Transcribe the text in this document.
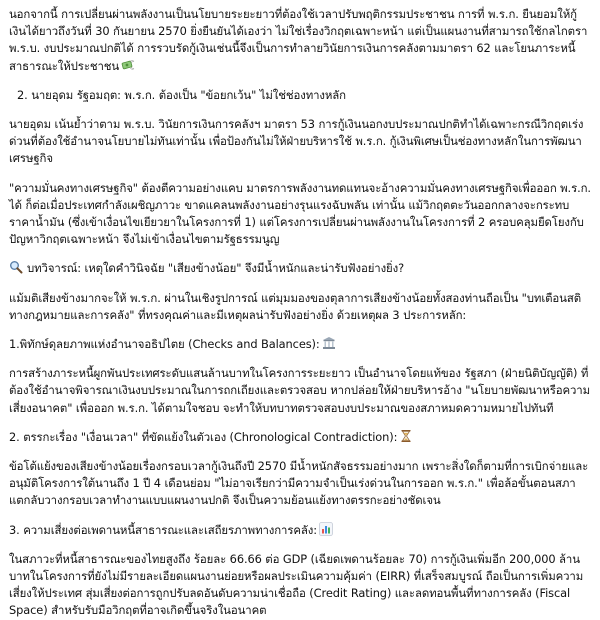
นอกจากนี้ การเปลี่ยนผ่านพลังงานเป็นนโยบายระยะยาวที่ต้องใช้เวลาปรับพฤติกรรมประชาชน การที่ พ.ร.ก. ยืนยอมให้กู้เงินได้ยาวถึงวันที่ 30 กันยายน 2570 ยิ่งยืนยันได้เองว่า ไม่ใช่เรื่องวิกฤตเฉพาะหน้า แต่เป็นแผนงานที่สามารถใช้กลไกตรา พ.ร.บ. งบประมาณปกติได้ การรวบรัดกู้เงินเช่นนี้จึงเป็นการทำลายวินัยการเงินการคลังตามมาตรา 62 และโยนภาระหนี้สาธารณะให้ประชาชน

2. นายอุดม รัฐอมฤต: พ.ร.ก. ต้องเป็น "ข้อยกเว้น" ไม่ใช่ช่องทางหลัก

นายอุดม เน้นย้ำว่าตาม พ.ร.บ. วินัยการเงินการคลังฯ มาตรา 53 การกู้เงินนอกงบประมาณปกติทำได้เฉพาะกรณีวิกฤตเร่งด่วนที่ต้องใช้อำนาจนโยบายไม่ทันเท่านั้น เพื่อป้องกันไม่ให้ฝ่ายบริหารใช้ พ.ร.ก. กู้เงินพิเศษเป็นช่องทางหลักในการพัฒนาเศรษฐกิจ

"ความมั่นคงทางเศรษฐกิจ" ต้องตีความอย่างแคบ มาตรการพลังงานทดแทนจะอ้างความมั่นคงทางเศรษฐกิจเพื่อออก พ.ร.ก. ได้ ก็ต่อเมื่อประเทศกำลังเผชิญภาวะ ขาดแคลนพลังงานอย่างรุนแรงฉับพลัน เท่านั้น แม้วิกฤตตะวันออกกลางจะกระทบราคาน้ำมัน (ซึ่งเข้าเงื่อนไขเยียวยาในโครงการที่ 1) แต่โครงการเปลี่ยนผ่านพลังงานในโครงการที่ 2 ครอบคลุมยืดโยงกับปัญหาวิกฤตเฉพาะหน้า จึงไม่เข้าเงื่อนไขตามรัฐธรรมนูญ

บทวิจารณ์: เหตุใดคำวินิจฉัย "เสียงข้างน้อย" จึงมีน้ำหนักและน่ารับฟังอย่างยิ่ง?

แม้มติเสียงข้างมากจะให้ พ.ร.ก. ผ่านในเชิงรูปการณ์ แต่มุมมองของตุลาการเสียงข้างน้อยทั้งสองท่านถือเป็น "บทเตือนสติทางกฎหมายและการคลัง" ที่ทรงคุณค่าและมีเหตุผลน่ารับฟังอย่างยิ่ง ด้วยเหตุผล 3 ประการหลัก:

1.พิทักษ์ดุลยภาพแห่งอำนาจอธิปไตย (Checks and Balances):

การสร้างภาระหนี้ผูกพันประเทศระดับแสนล้านบาทในโครงการระยะยาว เป็นอำนาจโดยแท้ของ รัฐสภา (ฝ่ายนิติบัญญัติ) ที่ต้องใช้อำนาจพิจารณาเงินงบประมาณในการถกเถียงและตรวจสอบ หากปล่อยให้ฝ่ายบริหารอ้าง "นโยบายพัฒนาหรือความเสี่ยงอนาคต" เพื่อออก พ.ร.ก. ได้ตามใจชอบ จะทำให้บทบาทตรวจสอบงบประมาณของสภาหมดความหมายไปทันที

2. ตรรกะเรื่อง "เงื่อนเวลา" ที่ขัดแย้งในตัวเอง (Chronological Contradiction):

ข้อโต้แย้งของเสียงข้างน้อยเรื่องกรอบเวลากู้เงินถึงปี 2570 มีน้ำหนักสัจธรรมอย่างมาก เพราะสิ่งใดก็ตามที่การเบิกจ่ายและอนุมัติโครงการใต้นานถึง 1 ปี 4 เดือนย่อม "ไม่อาจเรียกว่ามีความจำเป็นเร่งด่วนในการออก พ.ร.ก." เพื่อล้อขั้นตอนสภา แตกลับวางกรอบเวลาทำงานแบบแผนงานปกติ จึงเป็นความย้อนแย้งทางตรรกะอย่างชัดเจน

3. ความเสี่ยงต่อเพดานหนี้สาธารณะและเสถียรภาพทางการคลัง:

ในสภาวะที่หนี้สาธารณะของไทยสูงถึง ร้อยละ 66.66 ต่อ GDP (เฉียดเพดานร้อยละ 70) การกู้เงินเพิ่มอีก 200,000 ล้านบาทในโครงการที่ยังไม่มีรายละเอียดแผนงานย่อยหรือผลประเมินความคุ้มค่า (EIRR) ที่เสร็จสมบูรณ์ ถือเป็นการเพิ่มความเสี่ยงให้ประเทศ สุ่มเสี่ยงต่อการถูกปรับลดอันดับความน่าเชื่อถือ (Credit Rating) และลดทอนพื้นที่ทางการคลัง (Fiscal Space) สำหรับรับมือวิกฤตที่อาจเกิดขึ้นจริงในอนาคต
